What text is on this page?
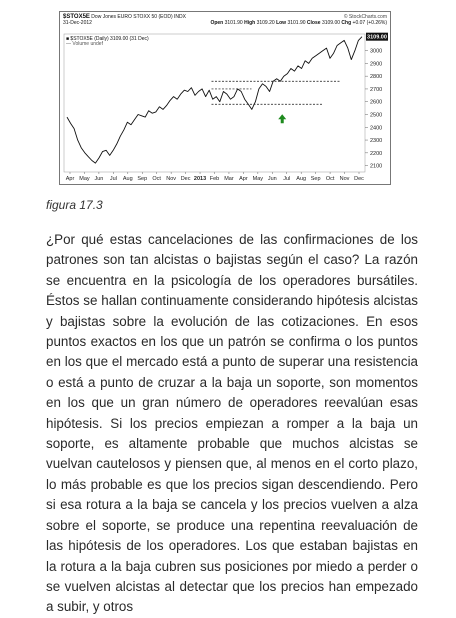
■ $STOX5E (Daily) 3109.00 (31 Dec)
— Volume undef
2100
2200
2300
2400
2500
2600
2700
2800
2900
3000
Apr May Jun Jul Aug Sep Oct Nov Dec 2013 Feb Mar Apr May Jun Jul Aug Sep Oct Nov Dec
3109.00
$STOX5E Dow Jones EURO STOXX 50 (EOD) INDX	© StockCharts.com
31-Dec-2012	Open 3101.90 High 3109.20 Low 3101.90 Close 3109.00 Chg +0.07 (+0.26%)
figura 17.3

¿Por qué estas cancelaciones de las confirmaciones de los patrones son tan alcistas o bajistas según el caso? La razón se encuentra en la psicología de los operadores bursátiles. Éstos se hallan continuamente considerando hipótesis alcistas y bajistas sobre la evolución de las cotizaciones. En esos puntos exactos en los que un patrón se confirma o los puntos en los que el mercado está a punto de superar una resistencia o está a punto de cruzar a la baja un soporte, son momentos en los que un gran número de operadores reevalúan esas hipótesis. Si los precios empiezan a romper a la baja un soporte, es altamente probable que muchos alcistas se vuelvan cautelosos y piensen que, al menos en el corto plazo, lo más probable es que los precios sigan descendiendo. Pero si esa rotura a la baja se cancela y los precios vuelven a alza sobre el soporte, se produce una repentina reevaluación de las hipótesis de los operadores. Los que estaban bajistas en la rotura a la baja cubren sus posiciones por miedo a perder o se vuelven alcistas al detectar que los precios han empezado a subir, y otros
